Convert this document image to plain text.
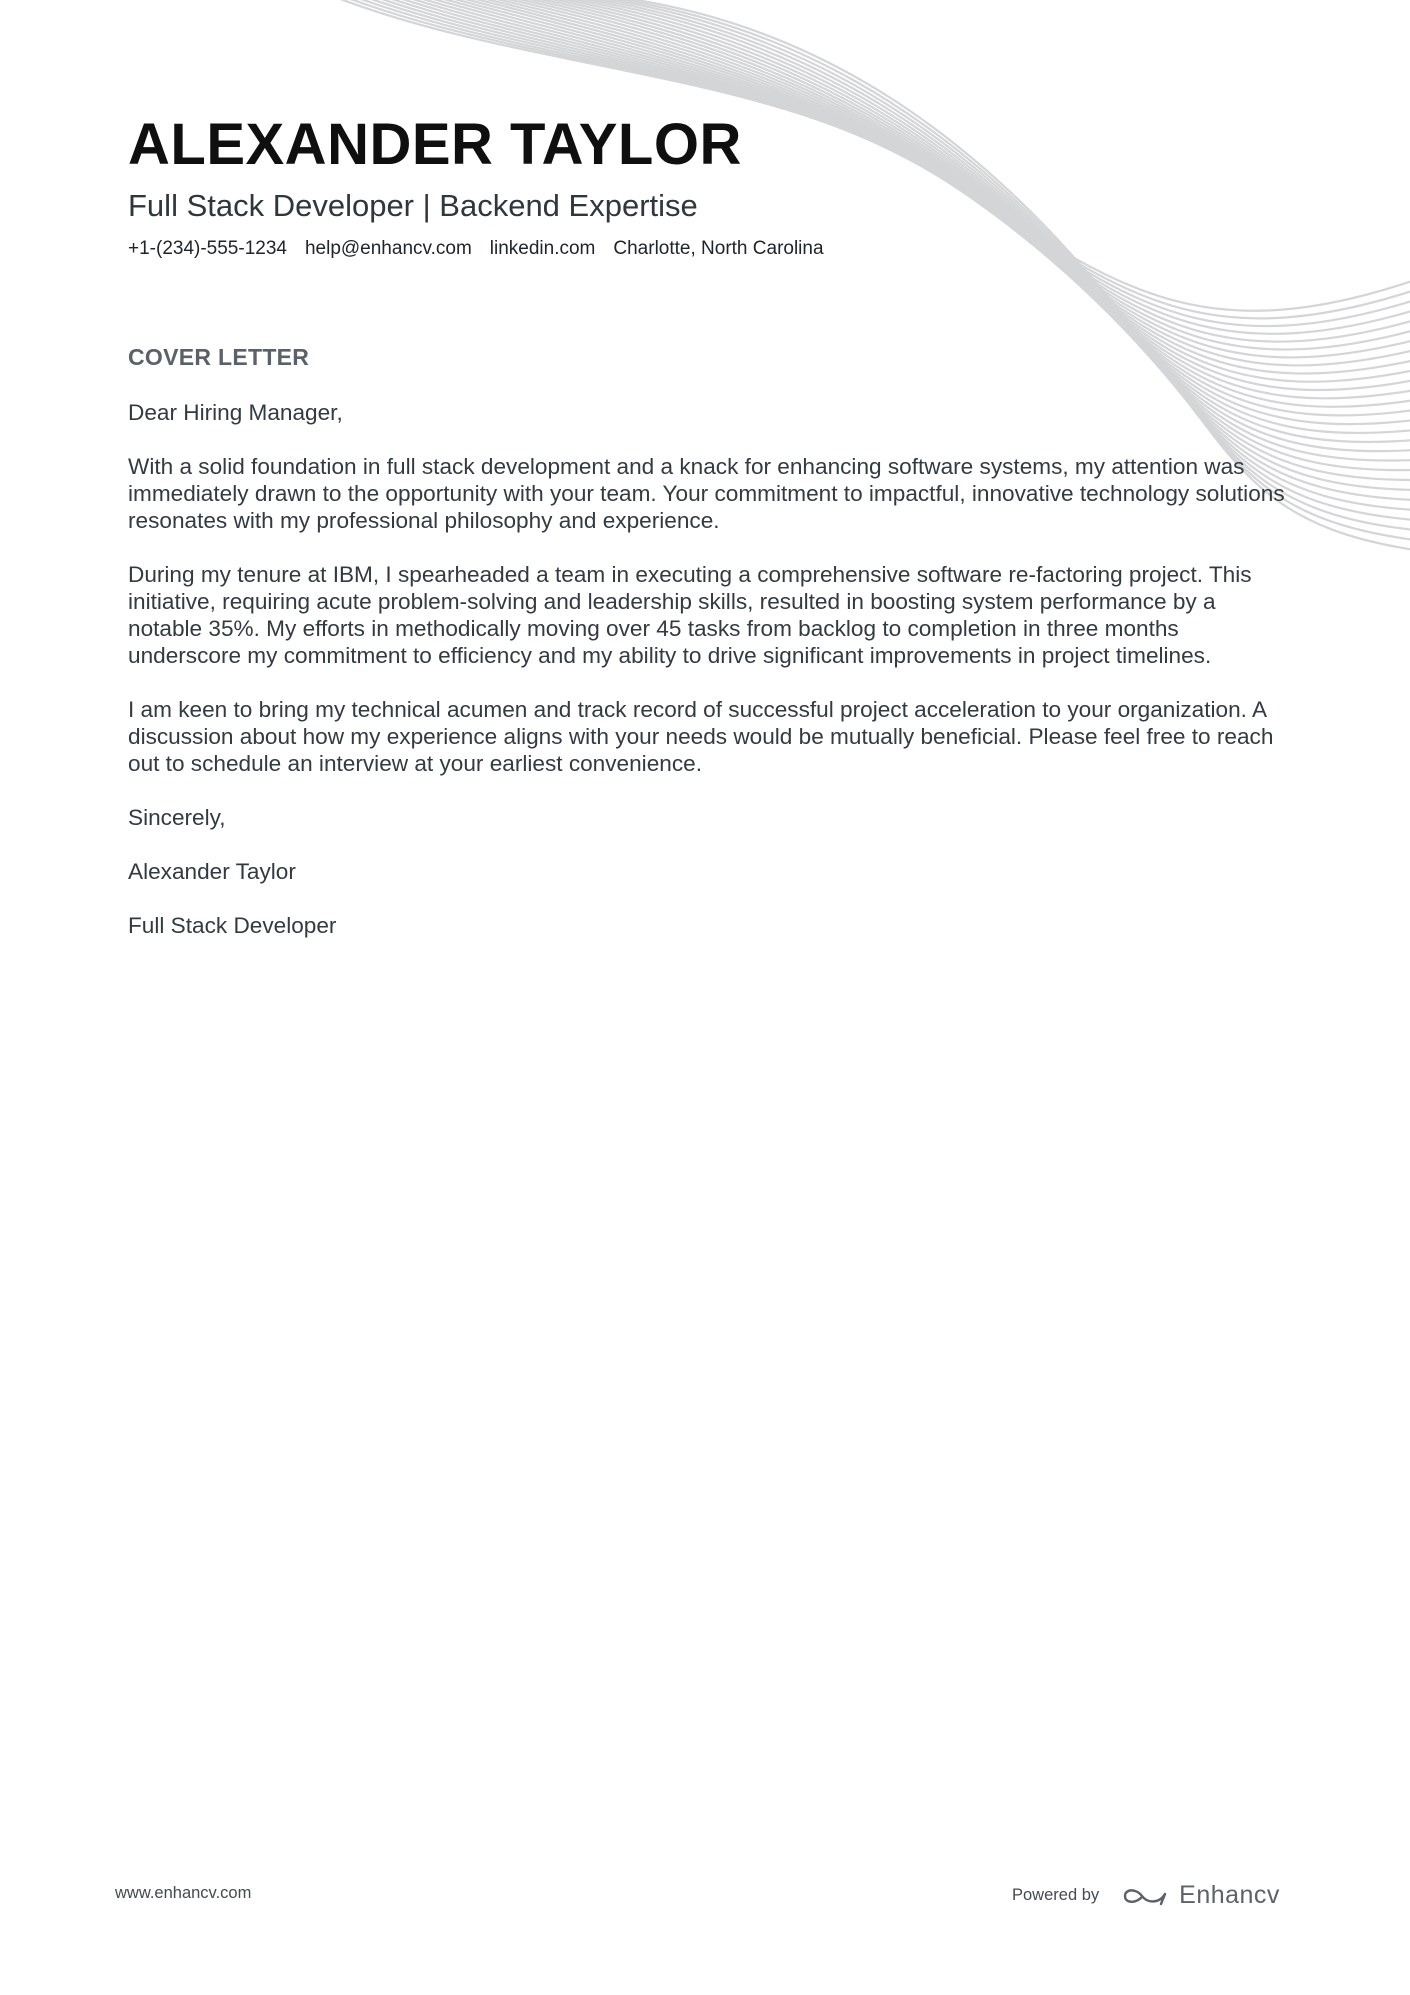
ALEXANDER TAYLOR
Full Stack Developer | Backend Expertise
+1-(234)-555-1234 help@enhancv.com linkedin.com Charlotte, North Carolina
COVER LETTER

Dear Hiring Manager,

With a solid foundation in full stack development and a knack for enhancing software systems, my attention was immediately drawn to the opportunity with your team. Your commitment to impactful, innovative technology solutions resonates with my professional philosophy and experience.

During my tenure at IBM, I spearheaded a team in executing a comprehensive software re-factoring project. This initiative, requiring acute problem-solving and leadership skills, resulted in boosting system performance by a notable 35%. My efforts in methodically moving over 45 tasks from backlog to completion in three months underscore my commitment to efficiency and my ability to drive significant improvements in project timelines.

I am keen to bring my technical acumen and track record of successful project acceleration to your organization. A discussion about how my experience aligns with your needs would be mutually beneficial. Please feel free to reach out to schedule an interview at your earliest convenience.

Sincerely,

Alexander Taylor

Full Stack Developer

www.enhancv.com	Powered by	Enhancv
